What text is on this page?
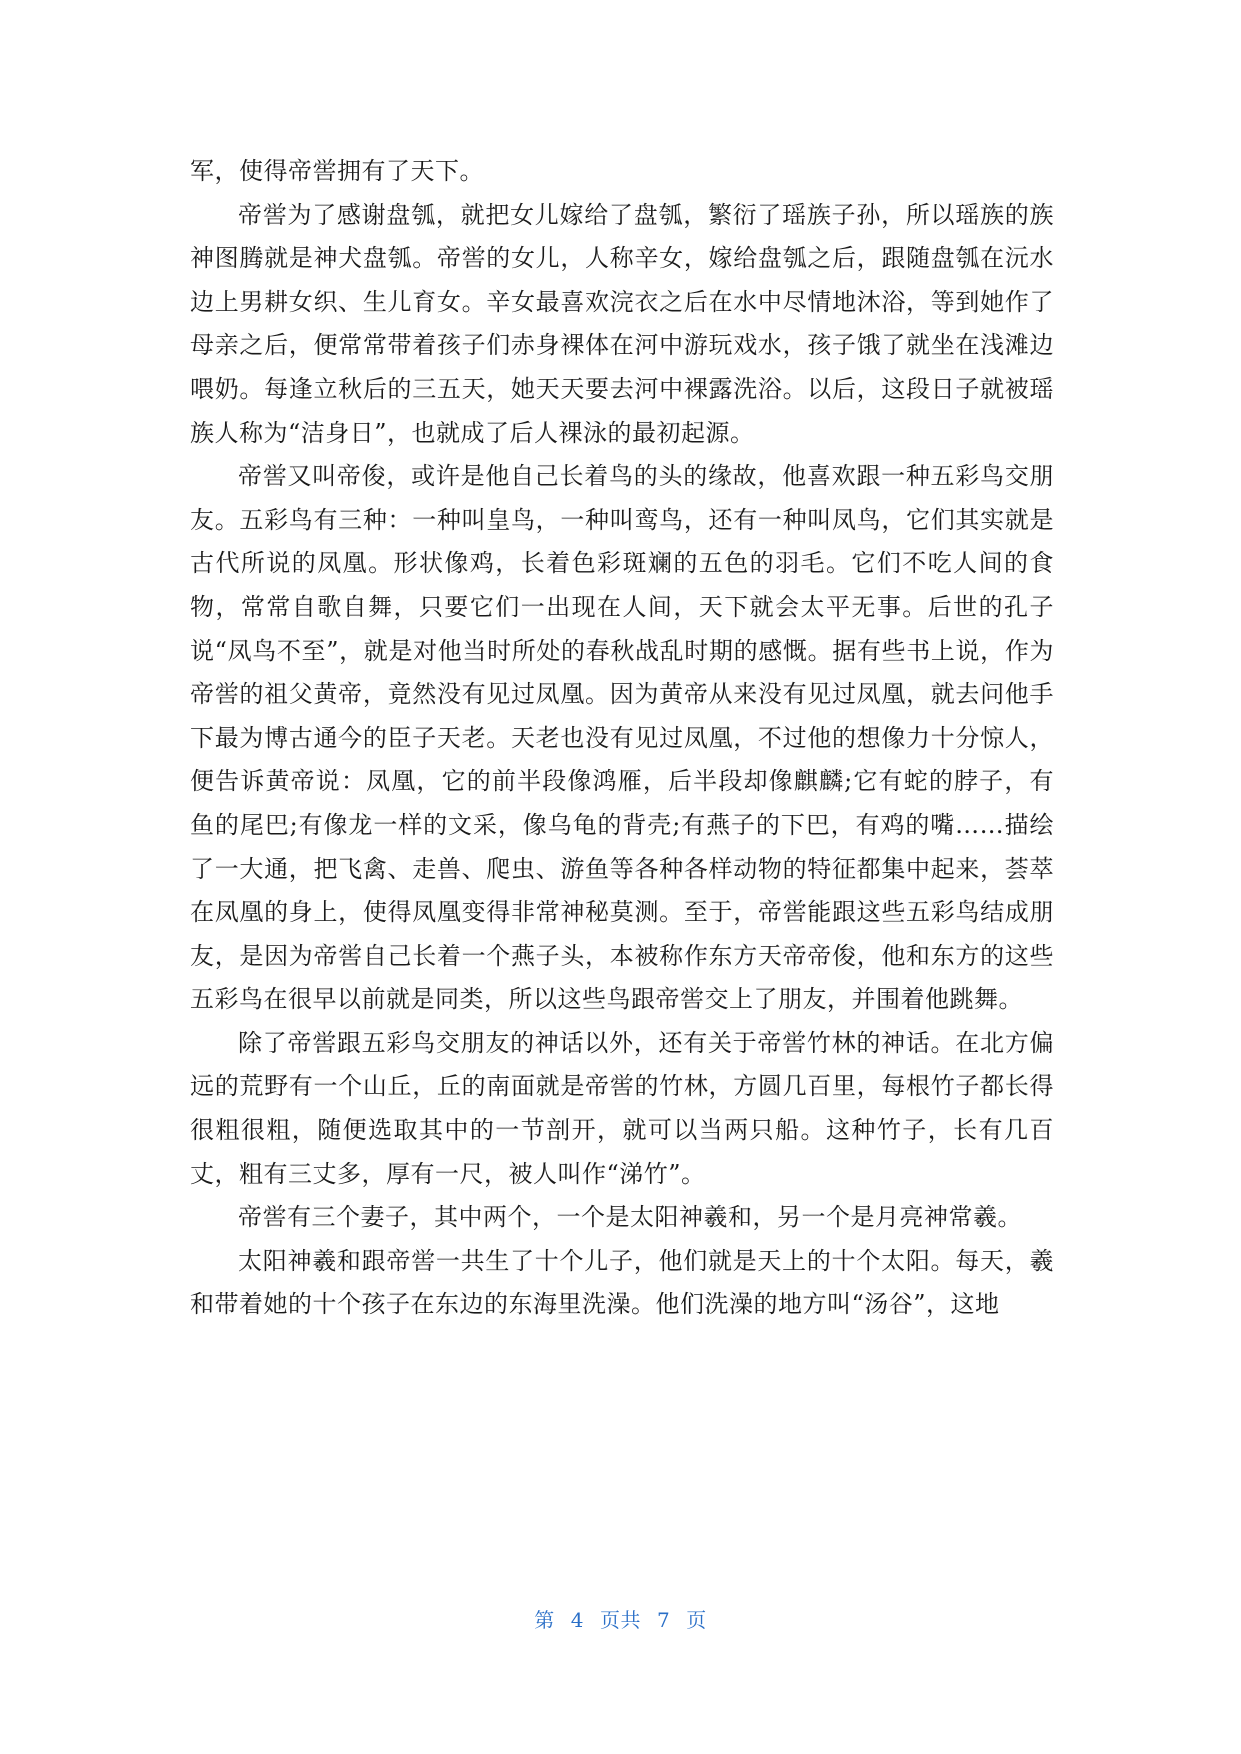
军，使得帝喾拥有了天下。

帝喾为了感谢盘瓠，就把女儿嫁给了盘瓠，繁衍了瑶族子孙，所以瑶族的族神图腾就是神犬盘瓠。帝喾的女儿，人称辛女，嫁给盘瓠之后，跟随盘瓠在沅水边上男耕女织、生儿育女。辛女最喜欢浣衣之后在水中尽情地沐浴，等到她作了母亲之后，便常常带着孩子们赤身裸体在河中游玩戏水，孩子饿了就坐在浅滩边喂奶。每逢立秋后的三五天，她天天要去河中裸露洗浴。以后，这段日子就被瑶族人称为“洁身日”，也就成了后人裸泳的最初起源。

帝喾又叫帝俊，或许是他自己长着鸟的头的缘故，他喜欢跟一种五彩鸟交朋友。五彩鸟有三种：一种叫皇鸟，一种叫鸾鸟，还有一种叫凤鸟，它们其实就是古代所说的凤凰。形状像鸡，长着色彩斑斓的五色的羽毛。它们不吃人间的食物，常常自歌自舞，只要它们一出现在人间，天下就会太平无事。后世的孔子说“凤鸟不至”，就是对他当时所处的春秋战乱时期的感慨。据有些书上说，作为帝喾的祖父黄帝，竟然没有见过凤凰。因为黄帝从来没有见过凤凰，就去问他手下最为博古通今的臣子天老。天老也没有见过凤凰，不过他的想像力十分惊人，便告诉黄帝说：凤凰，它的前半段像鸿雁，后半段却像麒麟;它有蛇的脖子，有鱼的尾巴;有像龙一样的文采，像乌龟的背壳;有燕子的下巴，有鸡的嘴……描绘了一大通，把飞禽、走兽、爬虫、游鱼等各种各样动物的特征都集中起来，荟萃在凤凰的身上，使得凤凰变得非常神秘莫测。至于，帝喾能跟这些五彩鸟结成朋友，是因为帝喾自己长着一个燕子头，本被称作东方天帝帝俊，他和东方的这些五彩鸟在很早以前就是同类，所以这些鸟跟帝喾交上了朋友，并围着他跳舞。

除了帝喾跟五彩鸟交朋友的神话以外，还有关于帝喾竹林的神话。在北方偏远的荒野有一个山丘，丘的南面就是帝喾的竹林，方圆几百里，每根竹子都长得很粗很粗，随便选取其中的一节剖开，就可以当两只船。这种竹子，长有几百丈，粗有三丈多，厚有一尺，被人叫作“涕竹”。

帝喾有三个妻子，其中两个，一个是太阳神羲和，另一个是月亮神常羲。

太阳神羲和跟帝喾一共生了十个儿子，他们就是天上的十个太阳。每天，羲和带着她的十个孩子在东边的东海里洗澡。他们洗澡的地方叫“汤谷”，这地

第 4 页共 7 页
